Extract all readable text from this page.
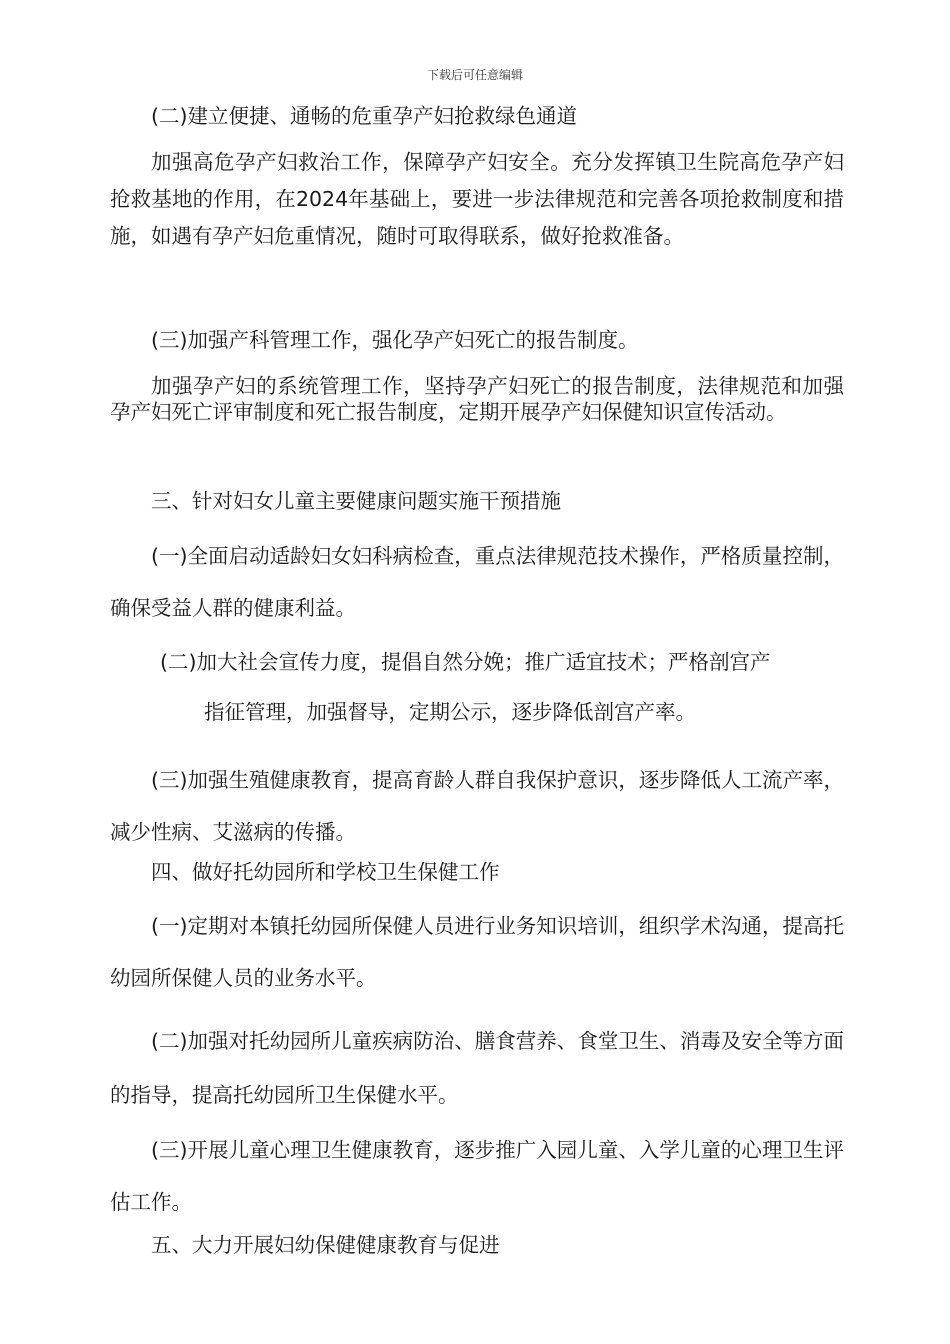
下载后可任意编辑
(二)建立便捷、通畅的危重孕产妇抢救绿色通道
加强高危孕产妇救治工作，保障孕产妇安全。充分发挥镇卫生院高危孕产妇抢救基地的作用，在2024年基础上，要进一步法律规范和完善各项抢救制度和措施，如遇有孕产妇危重情况，随时可取得联系，做好抢救准备。
(三)加强产科管理工作，强化孕产妇死亡的报告制度。
加强孕产妇的系统管理工作，坚持孕产妇死亡的报告制度，法律规范和加强孕产妇死亡评审制度和死亡报告制度，定期开展孕产妇保健知识宣传活动。
三、针对妇女儿童主要健康问题实施干预措施
(一)全面启动适龄妇女妇科病检查，重点法律规范技术操作，严格质量控制，确保受益人群的健康利益。
(二)加大社会宣传力度，提倡自然分娩；推广适宜技术；严格剖宫产
指征管理，加强督导，定期公示，逐步降低剖宫产率。
(三)加强生殖健康教育，提高育龄人群自我保护意识，逐步降低人工流产率，减少性病、艾滋病的传播。
四、做好托幼园所和学校卫生保健工作
(一)定期对本镇托幼园所保健人员进行业务知识培训，组织学术沟通，提高托幼园所保健人员的业务水平。
(二)加强对托幼园所儿童疾病防治、膳食营养、食堂卫生、消毒及安全等方面的指导，提高托幼园所卫生保健水平。
(三)开展儿童心理卫生健康教育，逐步推广入园儿童、入学儿童的心理卫生评估工作。
五、大力开展妇幼保健健康教育与促进
